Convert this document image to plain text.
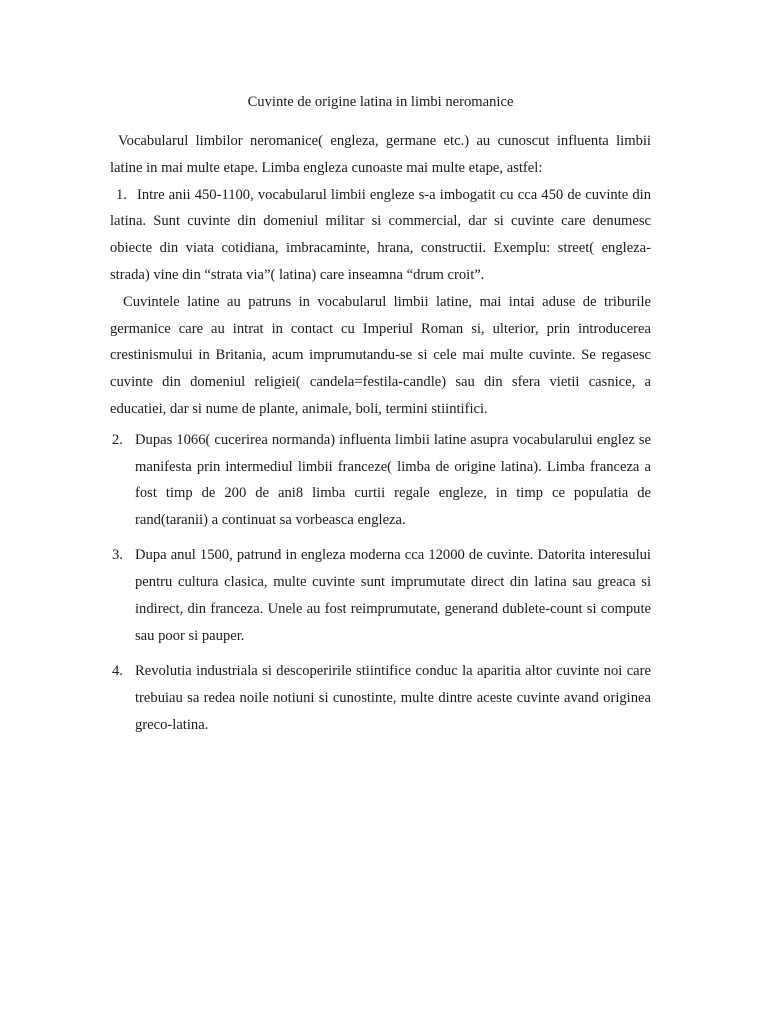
Cuvinte de origine latina in limbi neromanice

Vocabularul limbilor neromanice( engleza, germane etc.) au cunoscut influenta limbii latine in mai multe etape. Limba engleza cunoaste mai multe etape, astfel:

1. Intre anii 450-1100, vocabularul limbii engleze s-a imbogatit cu cca 450 de cuvinte din latina. Sunt cuvinte din domeniul militar si commercial, dar si cuvinte care denumesc obiecte din viata cotidiana, imbracaminte, hrana, constructii. Exemplu: street( engleza- strada) vine din “strata via”( latina) care inseamna “drum croit”.

Cuvintele latine au patruns in vocabularul limbii latine, mai intai aduse de triburile germanice care au intrat in contact cu Imperiul Roman si, ulterior, prin introducerea crestinismului in Britania, acum imprumutandu-se si cele mai multe cuvinte. Se regasesc cuvinte din domeniul religiei( candela=festila-candle) sau din sfera vietii casnice, a educatiei, dar si nume de plante, animale, boli, termini stiintifici.

2. Dupas 1066( cucerirea normanda) influenta limbii latine asupra vocabularului englez se manifesta prin intermediul limbii franceze( limba de origine latina). Limba franceza a fost timp de 200 de ani8 limba curtii regale engleze, in timp ce populatia de rand(taranii) a continuat sa vorbeasca engleza.
3. Dupa anul 1500, patrund in engleza moderna cca 12000 de cuvinte. Datorita interesului pentru cultura clasica, multe cuvinte sunt imprumutate direct din latina sau greaca si indirect, din franceza. Unele au fost reimprumutate, generand dublete-count si compute sau poor si pauper.
4. Revolutia industriala si descoperirile stiintifice conduc la aparitia altor cuvinte noi care trebuiau sa redea noile notiuni si cunostinte, multe dintre aceste cuvinte avand originea greco-latina.
